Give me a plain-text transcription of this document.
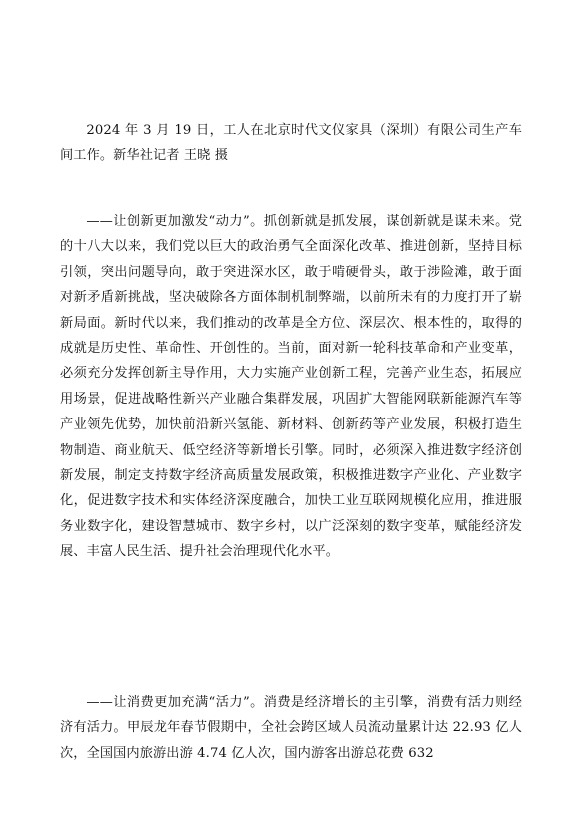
2024 年 3 月 19 日，工人在北京时代文仪家具（深圳）有限公司生产车间工作。新华社记者 王晓 摄

——让创新更加激发“动力”。抓创新就是抓发展，谋创新就是谋未来。党的十八大以来，我们党以巨大的政治勇气全面深化改革、推进创新，坚持目标引领，突出问题导向，敢于突进深水区，敢于啃硬骨头，敢于涉险滩，敢于面对新矛盾新挑战，坚决破除各方面体制机制弊端，以前所未有的力度打开了崭新局面。新时代以来，我们推动的改革是全方位、深层次、根本性的，取得的成就是历史性、革命性、开创性的。当前，面对新一轮科技革命和产业变革，必须充分发挥创新主导作用，大力实施产业创新工程，完善产业生态，拓展应用场景，促进战略性新兴产业融合集群发展，巩固扩大智能网联新能源汽车等产业领先优势，加快前沿新兴氢能、新材料、创新药等产业发展，积极打造生物制造、商业航天、低空经济等新增长引擎。同时，必须深入推进数字经济创新发展，制定支持数字经济高质量发展政策，积极推进数字产业化、产业数字化，促进数字技术和实体经济深度融合，加快工业互联网规模化应用，推进服务业数字化，建设智慧城市、数字乡村，以广泛深刻的数字变革，赋能经济发展、丰富人民生活、提升社会治理现代化水平。

——让消费更加充满“活力”。消费是经济增长的主引擎，消费有活力则经济有活力。甲辰龙年春节假期中，全社会跨区域人员流动量累计达 22.93 亿人次，全国国内旅游出游 4.74 亿人次，国内游客出游总花费 632
